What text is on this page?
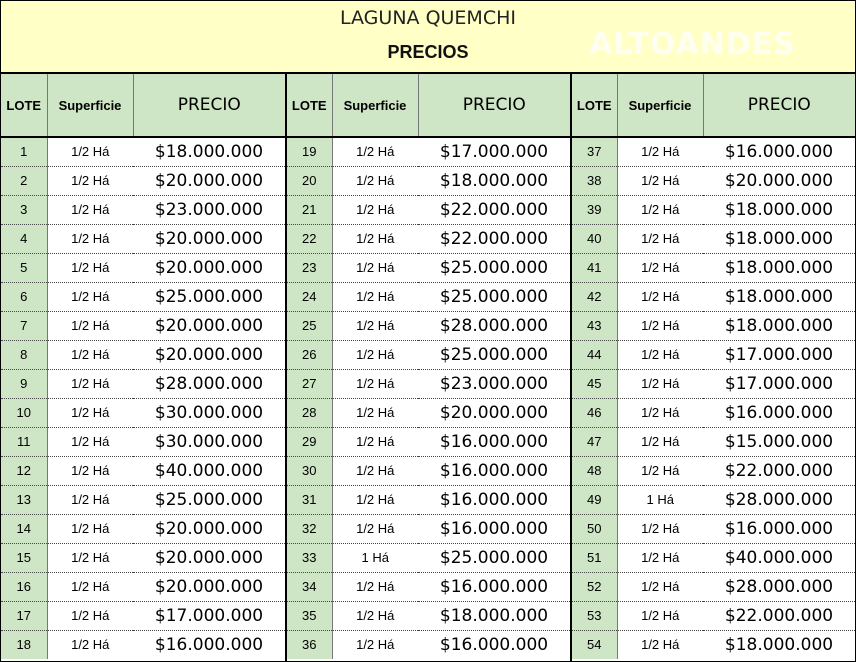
LAGUNA QUEMCHI
PRECIOS	ALTOANDES
LOTE	Superficie	PRECIO
1	1/2 Há	$18.000.000
2	1/2 Há	$20.000.000
3	1/2 Há	$23.000.000
4	1/2 Há	$20.000.000
5	1/2 Há	$20.000.000
6	1/2 Há	$25.000.000
7	1/2 Há	$20.000.000
8	1/2 Há	$20.000.000
9	1/2 Há	$28.000.000
10	1/2 Há	$30.000.000
11	1/2 Há	$30.000.000
12	1/2 Há	$40.000.000
13	1/2 Há	$25.000.000
14	1/2 Há	$20.000.000
15	1/2 Há	$20.000.000
16	1/2 Há	$20.000.000
17	1/2 Há	$17.000.000
18	1/2 Há	$16.000.000
LOTE	Superficie	PRECIO
19	1/2 Há	$17.000.000
20	1/2 Há	$18.000.000
21	1/2 Há	$22.000.000
22	1/2 Há	$22.000.000
23	1/2 Há	$25.000.000
24	1/2 Há	$25.000.000
25	1/2 Há	$28.000.000
26	1/2 Há	$25.000.000
27	1/2 Há	$23.000.000
28	1/2 Há	$20.000.000
29	1/2 Há	$16.000.000
30	1/2 Há	$16.000.000
31	1/2 Há	$16.000.000
32	1/2 Há	$16.000.000
33	1 Há	$25.000.000
34	1/2 Há	$16.000.000
35	1/2 Há	$18.000.000
36	1/2 Há	$16.000.000
LOTE	Superficie	PRECIO
37	1/2 Há	$16.000.000
38	1/2 Há	$20.000.000
39	1/2 Há	$18.000.000
40	1/2 Há	$18.000.000
41	1/2 Há	$18.000.000
42	1/2 Há	$18.000.000
43	1/2 Há	$18.000.000
44	1/2 Há	$17.000.000
45	1/2 Há	$17.000.000
46	1/2 Há	$16.000.000
47	1/2 Há	$15.000.000
48	1/2 Há	$22.000.000
49	1 Há	$28.000.000
50	1/2 Há	$16.000.000
51	1/2 Há	$40.000.000
52	1/2 Há	$28.000.000
53	1/2 Há	$22.000.000
54	1/2 Há	$18.000.000
